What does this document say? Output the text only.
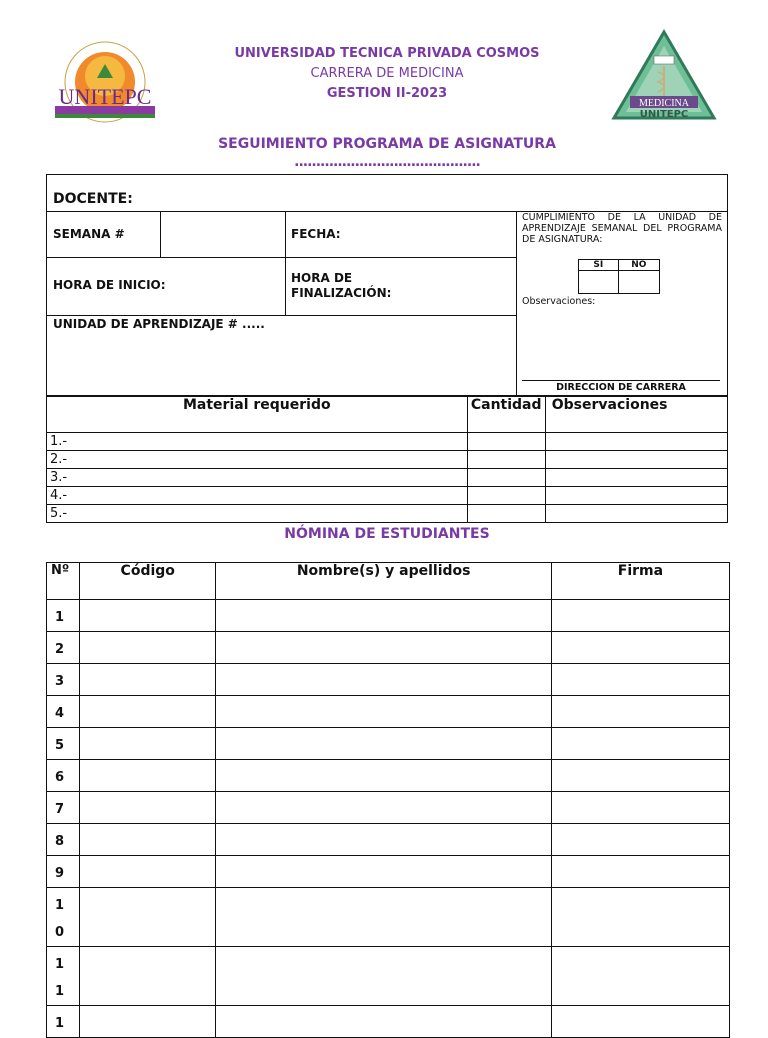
UNITEPC
UNIVERSIDAD TECNICA PRIVADA COSMOS
CARRERA DE MEDICINA
GESTION II-2023
MEDICINA
UNITEPC
SEGUIMIENTO PROGRAMA DE ASIGNATURA
...........................................
DOCENTE:
SEMANA #	FECHA:
HORA DE INICIO:	HORA DE
FINALIZACIÓN:
UNIDAD DE APRENDIZAJE # .....
CUMPLIMIENTO DE LA UNIDAD DE APRENDIZAJE SEMANAL DEL PROGRAMA DE ASIGNATURA:
SI	NO

Observaciones:
DIRECCION DE CARRERA
Material requerido	Cantidad	Observaciones
1.-		
2.-		
3.-		
4.-		
5.-		
NÓMINA DE ESTUDIANTES
Nº	Código	Nombre(s) y apellidos	Firma
1			
2			
3			
4			
5			
6			
7			
8			
9			
10			
11			
1			
